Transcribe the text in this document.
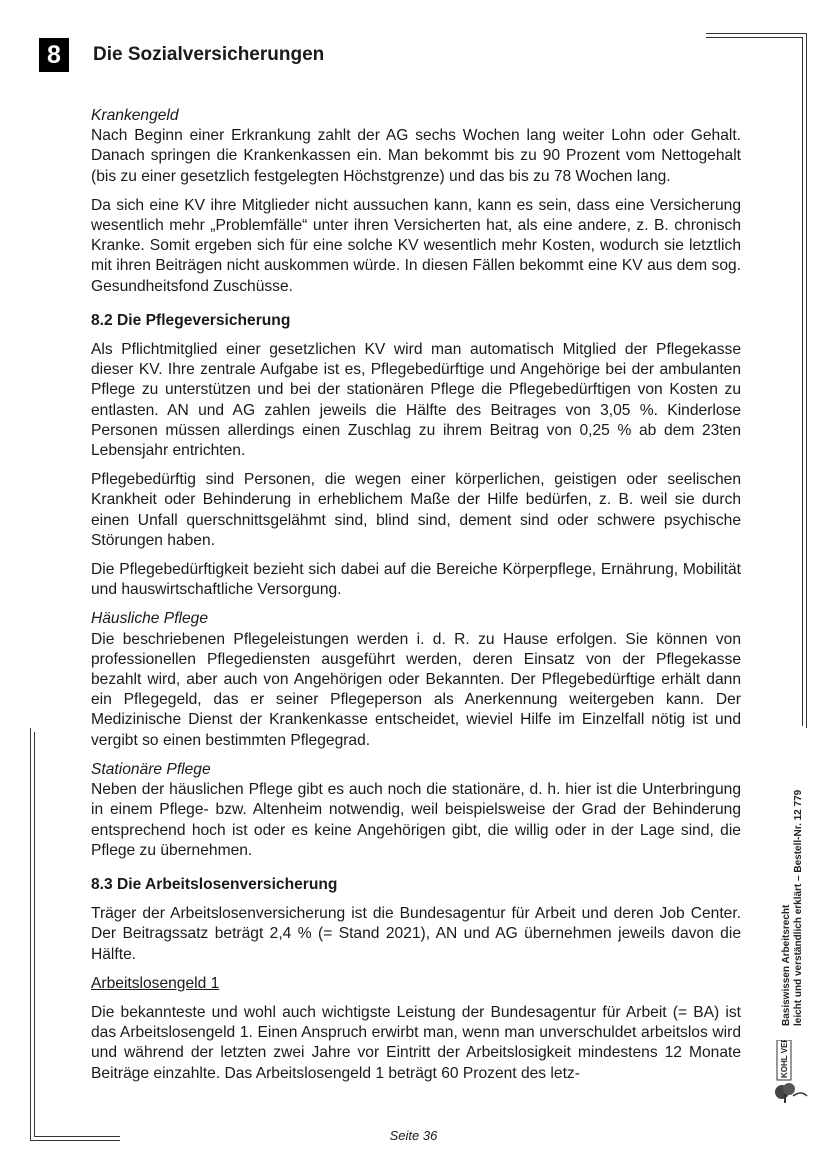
8	Die Sozialversicherungen
Krankengeld

Nach Beginn einer Erkrankung zahlt der AG sechs Wochen lang weiter Lohn oder Gehalt. Danach springen die Krankenkassen ein. Man bekommt bis zu 90 Prozent vom Nettogehalt (bis zu einer gesetzlich festgelegten Höchstgrenze) und das bis zu 78 Wochen lang.

Da sich eine KV ihre Mitglieder nicht aussuchen kann, kann es sein, dass eine Versicherung wesentlich mehr „Problemfälle“ unter ihren Versicherten hat, als eine andere, z. B. chronisch Kranke. Somit ergeben sich für eine solche KV wesentlich mehr Kosten, wodurch sie letztlich mit ihren Beiträgen nicht auskommen würde. In diesen Fällen bekommt eine KV aus dem sog. Gesundheitsfond Zuschüsse.

8.2 Die Pflegeversicherung

Als Pflichtmitglied einer gesetzlichen KV wird man automatisch Mitglied der Pflegekasse dieser KV. Ihre zentrale Aufgabe ist es, Pflegebedürftige und Angehörige bei der ambulanten Pflege zu unterstützen und bei der stationären Pflege die Pflegebedürftigen von Kosten zu entlasten. AN und AG zahlen jeweils die Hälfte des Beitrages von 3,05 %. Kinderlose Personen müssen allerdings einen Zuschlag zu ihrem Beitrag von 0,25 % ab dem 23ten Lebensjahr entrichten.

Pflegebedürftig sind Personen, die wegen einer körperlichen, geistigen oder seelischen Krankheit oder Behinderung in erheblichem Maße der Hilfe bedürfen, z. B. weil sie durch einen Unfall querschnittsgelähmt sind, blind sind, dement sind oder schwere psychische Störungen haben.

Die Pflegebedürftigkeit bezieht sich dabei auf die Bereiche Körperpflege, Ernährung, Mobilität und hauswirtschaftliche Versorgung.

Häusliche Pflege

Die beschriebenen Pflegeleistungen werden i. d. R. zu Hause erfolgen. Sie können von professionellen Pflegediensten ausgeführt werden, deren Einsatz von der Pflegekasse bezahlt wird, aber auch von Angehörigen oder Bekannten. Der Pflegebedürftige erhält dann ein Pflegegeld, das er seiner Pflegeperson als Anerkennung weitergeben kann. Der Medizinische Dienst der Krankenkasse entscheidet, wieviel Hilfe im Einzelfall nötig ist und vergibt so einen bestimmten Pflegegrad.

Stationäre Pflege

Neben der häuslichen Pflege gibt es auch noch die stationäre, d. h. hier ist die Unterbringung in einem Pflege- bzw. Altenheim notwendig, weil beispielsweise der Grad der Behinderung entsprechend hoch ist oder es keine Angehörigen gibt, die willig oder in der Lage sind, die Pflege zu übernehmen.

8.3 Die Arbeitslosenversicherung

Träger der Arbeitslosenversicherung ist die Bundesagentur für Arbeit und deren Job Center. Der Beitragssatz beträgt 2,4 % (= Stand 2021), AN und AG übernehmen jeweils davon die Hälfte.

Arbeitslosengeld 1

Die bekannteste und wohl auch wichtigste Leistung der Bundesagentur für Arbeit (= BA) ist das Arbeitslosengeld 1. Einen Anspruch erwirbt man, wenn man unverschuldet arbeitslos wird und während der letzten zwei Jahre vor Eintritt der Arbeitslosigkeit mindestens 12 Monate Beiträge einzahlte. Das Arbeitslosengeld 1 beträgt 60 Prozent des letz-

Basiswissen Arbeitsrecht leicht und verständlich erklärt – Bestell-Nr. 12 779
KOHL VERLAG
Seite 36
